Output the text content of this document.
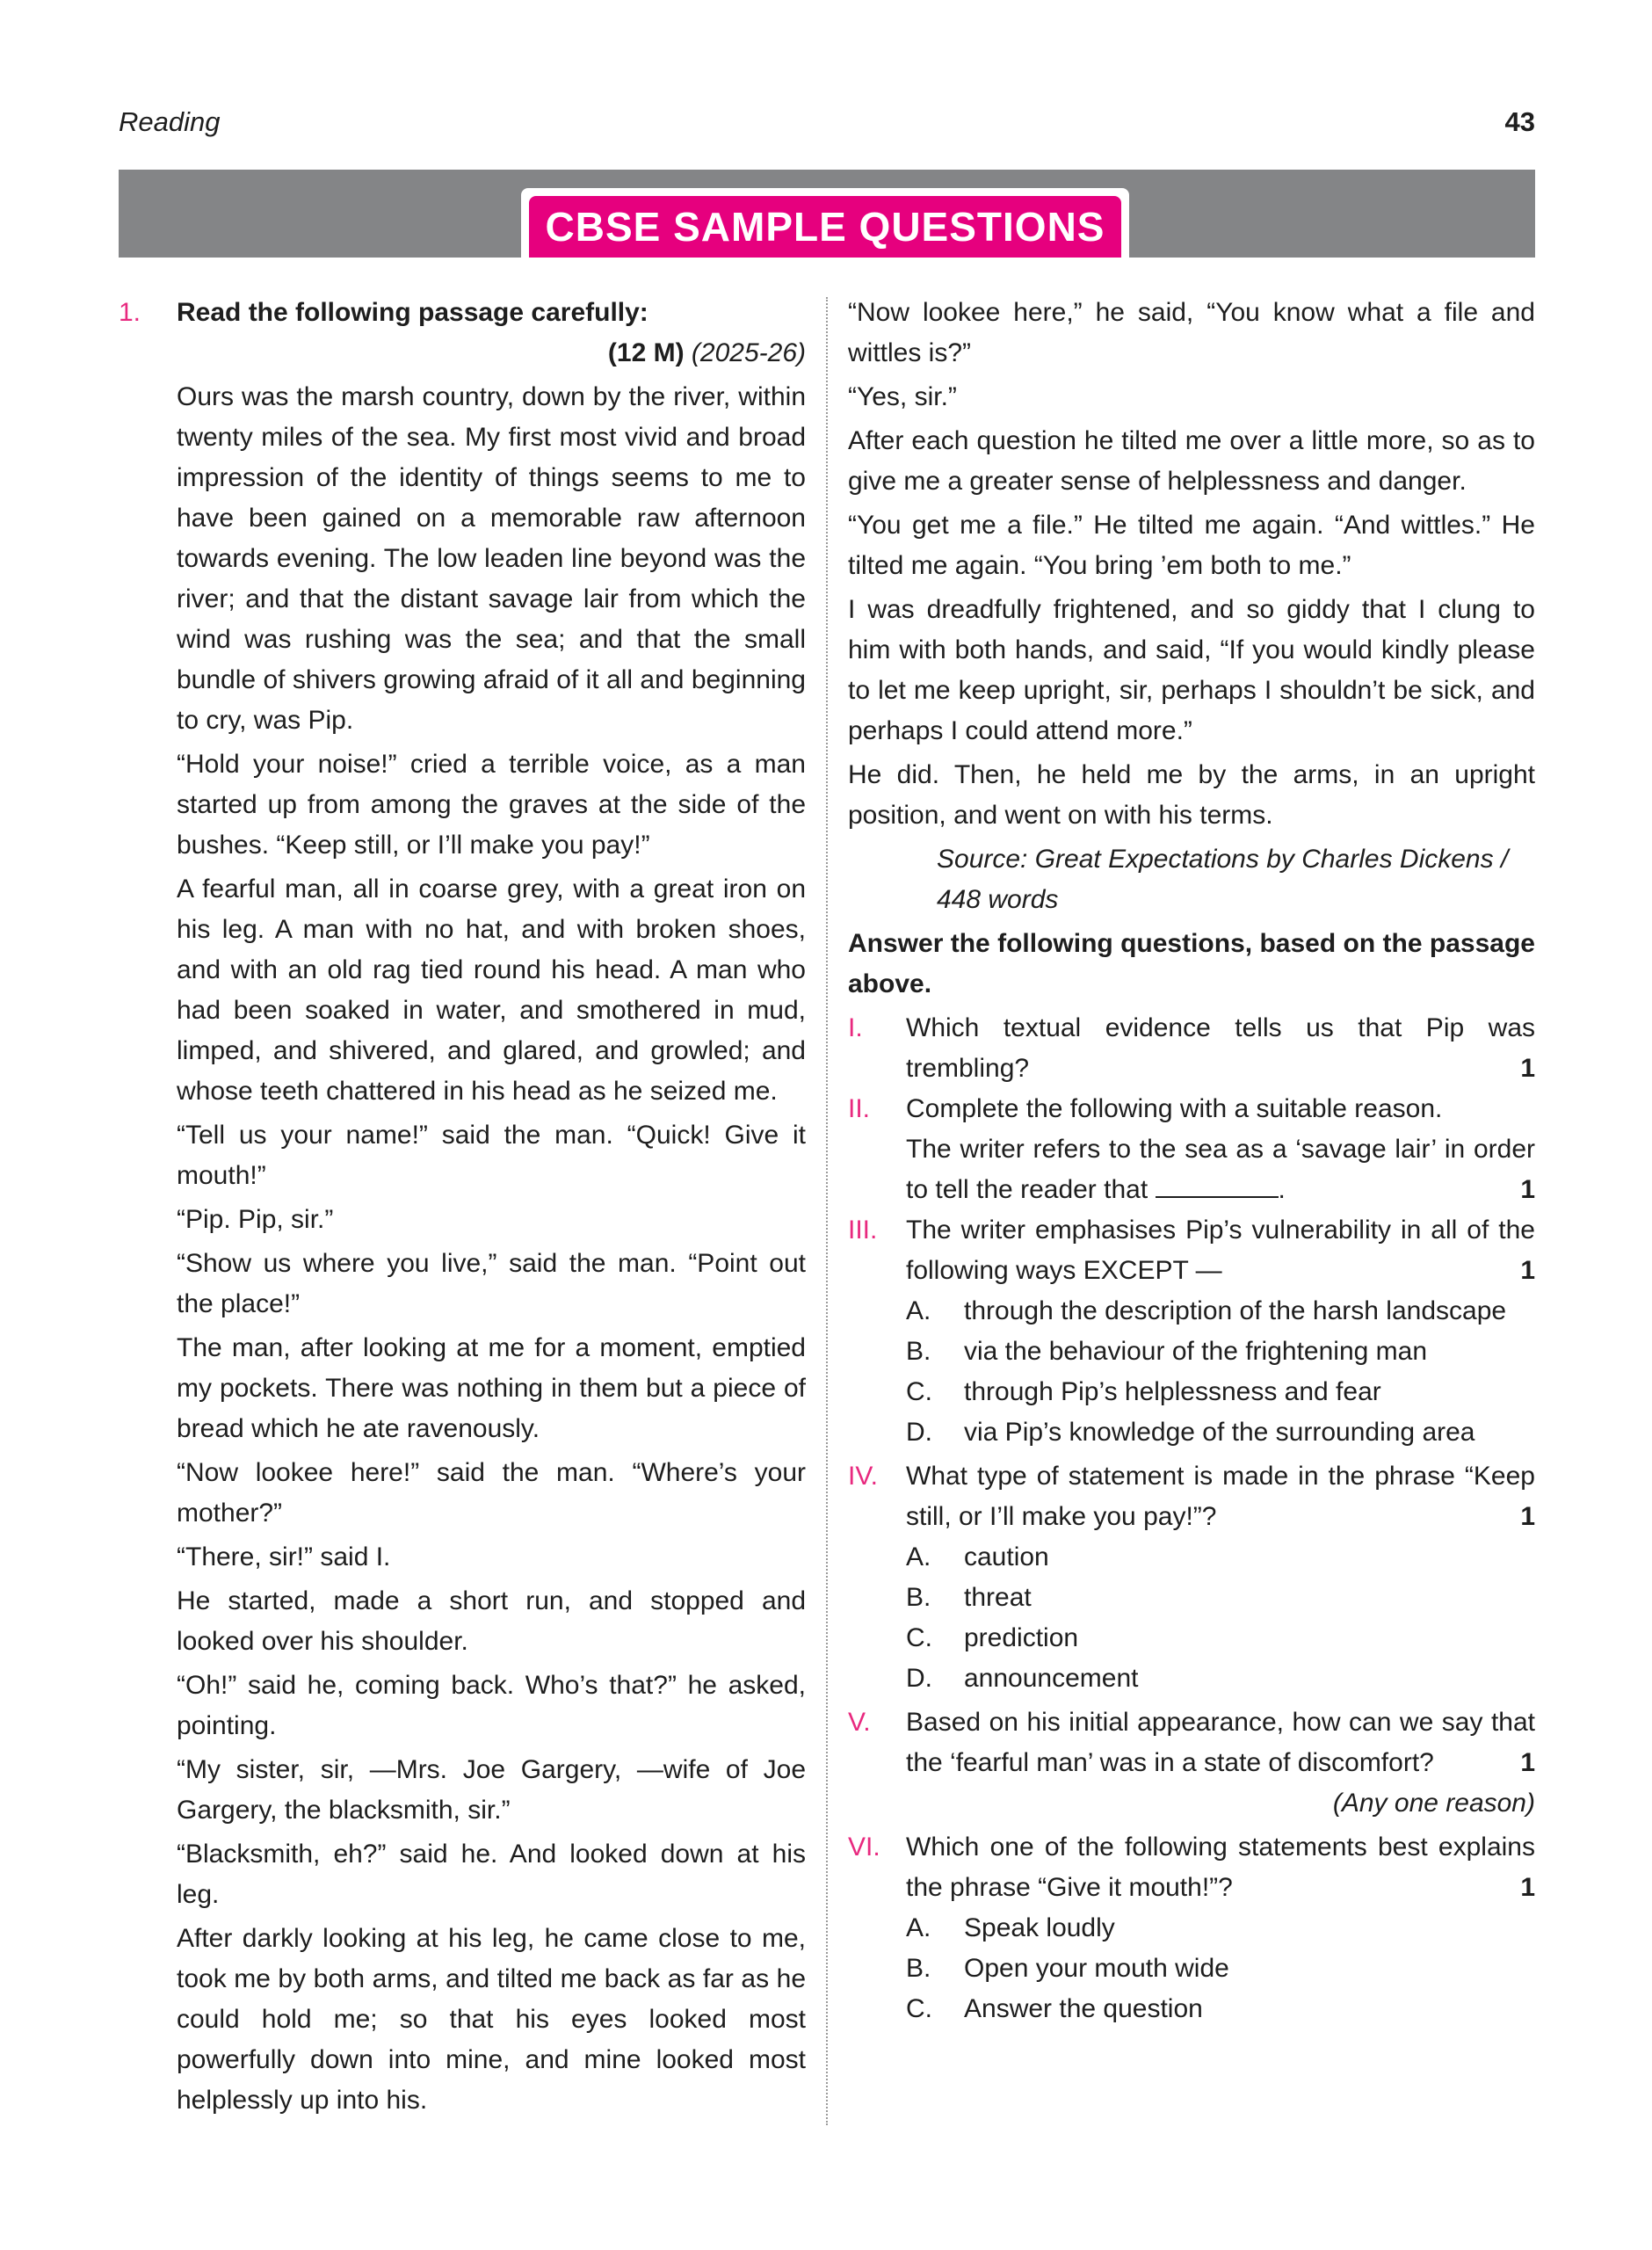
Reading	43
CBSE SAMPLE QUESTIONS
1. Read the following passage carefully:

(12 M) (2025-26)

Ours was the marsh country, down by the river, within twenty miles of the sea. My first most vivid and broad impression of the identity of things seems to me to have been gained on a memorable raw afternoon towards evening. The low leaden line beyond was the river; and that the distant savage lair from which the wind was rushing was the sea; and that the small bundle of shivers growing afraid of it all and beginning to cry, was Pip.

“Hold your noise!” cried a terrible voice, as a man started up from among the graves at the side of the bushes. “Keep still, or I’ll make you pay!”

A fearful man, all in coarse grey, with a great iron on his leg. A man with no hat, and with broken shoes, and with an old rag tied round his head. A man who had been soaked in water, and smothered in mud, limped, and shivered, and glared, and growled; and whose teeth chattered in his head as he seized me.

“Tell us your name!” said the man. “Quick! Give it mouth!”

“Pip. Pip, sir.”

“Show us where you live,” said the man. “Point out the place!”

The man, after looking at me for a moment, emptied my pockets. There was nothing in them but a piece of bread which he ate ravenously.

“Now lookee here!” said the man. “Where’s your mother?”

“There, sir!” said I.

He started, made a short run, and stopped and looked over his shoulder.

“Oh!” said he, coming back. Who’s that?” he asked, pointing.

“My sister, sir, —Mrs. Joe Gargery, —wife of Joe Gargery, the blacksmith, sir.”

“Blacksmith, eh?” said he. And looked down at his leg.

After darkly looking at his leg, he came close to me, took me by both arms, and tilted me back as far as he could hold me; so that his eyes looked most powerfully down into mine, and mine looked most helplessly up into his.

“Now lookee here,” he said, “You know what a file and wittles is?”

“Yes, sir.”

After each question he tilted me over a little more, so as to give me a greater sense of helplessness and danger.

“You get me a file.” He tilted me again. “And wittles.” He tilted me again. “You bring ’em both to me.”

I was dreadfully frightened, and so giddy that I clung to him with both hands, and said, “If you would kindly please to let me keep upright, sir, perhaps I shouldn’t be sick, and perhaps I could attend more.”

He did. Then, he held me by the arms, in an upright position, and went on with his terms.

Source: Great Expectations by Charles Dickens / 448 words

Answer the following questions, based on the passage above.

I. Which textual evidence tells us that Pip was trembling?	1
II. Complete the following with a suitable reason.
The writer refers to the sea as a ‘savage lair’ in order to tell the reader that	.	1
III. The writer emphasises Pip’s vulnerability in all of the following ways EXCEPT —	1
A. through the description of the harsh landscape
B. via the behaviour of the frightening man
C. through Pip’s helplessness and fear
D. via Pip’s knowledge of the surrounding area
IV. What type of statement is made in the phrase “Keep still, or I’ll make you pay!”?	1
A. caution
B. threat
C. prediction
D. announcement
V. Based on his initial appearance, how can we say that the ‘fearful man’ was in a state of discomfort?	1

(Any one reason)

VI. Which one of the following statements best explains the phrase “Give it mouth!”?	1
A. Speak loudly
B. Open your mouth wide
C. Answer the question
